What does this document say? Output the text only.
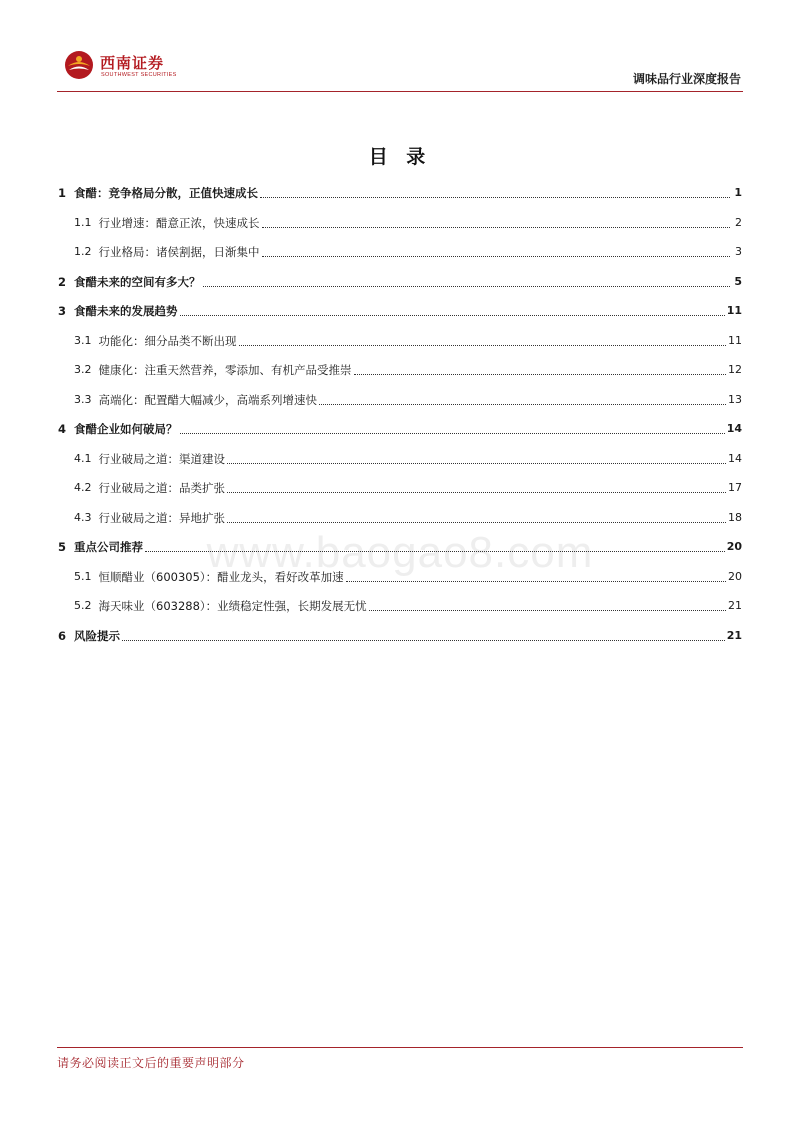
西南证券
SOUTHWEST SECURITIES	调味品行业深度报告
目 录
www.baogao8.com
1 食醋：竞争格局分散，正值快速成长	1
1.1 行业增速：醋意正浓，快速成长	2
1.2 行业格局：诸侯割据，日渐集中	3
2 食醋未来的空间有多大？	5
3 食醋未来的发展趋势	11
3.1 功能化：细分品类不断出现	11
3.2 健康化：注重天然营养，零添加、有机产品受推崇	12
3.3 高端化：配置醋大幅减少，高端系列增速快	13
4 食醋企业如何破局？	14
4.1 行业破局之道：渠道建设	14
4.2 行业破局之道：品类扩张	17
4.3 行业破局之道：异地扩张	18
5 重点公司推荐	20
5.1 恒顺醋业（600305）：醋业龙头，看好改革加速	20
5.2 海天味业（603288）：业绩稳定性强，长期发展无忧	21
6 风险提示	21
请务必阅读正文后的重要声明部分
